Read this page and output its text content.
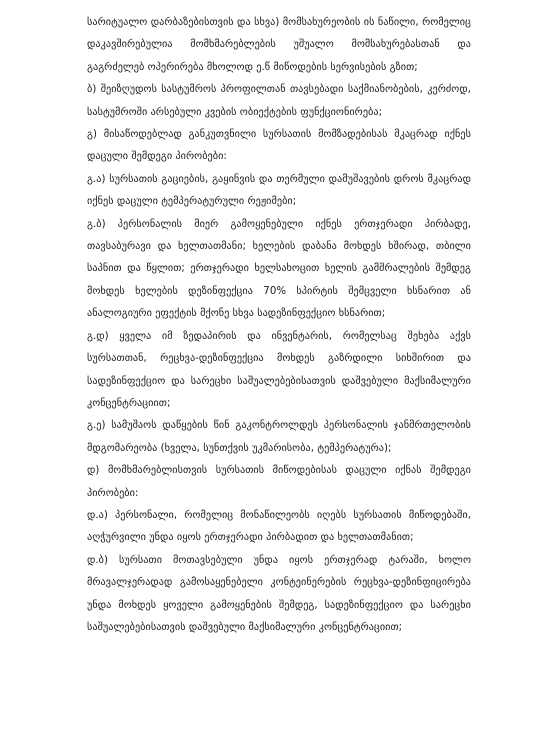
სარიტუალო დარბაზებისთვის და სხვა) მომსახურეობის ის ნაწილი, რომელიც დაკავშირებულია მომხმარებლების უშუალო მომსახურებასთან და გაგრძელებ ოპერირება მხოლოდ ე.წ მიწოდების სერვისების გზით;

ბ) შეიზღუდოს სასტუმროს პროფილთან თავსებადი საქმიანობების, კერძოდ, სასტუმროში არსებული კვების ობიექტების ფუნქციონირება;

გ) მისაწოდებლად განკუთვნილი სურსათის მომზადებისას მკაცრად იქნეს დაცული შემდეგი პირობები:

გ.ა) სურსათის გაციების, გაყინვის და თერმული დამუშავების დროს მკაცრად იქნეს დაცული ტემპერატურული რეჟიმები;

გ.ბ) პერსონალის მიერ გამოყენებული იქნეს ერთჯერადი პირბადე, თავსაბურავი და ხელთათმანი; ხელების დაბანა მოხდეს ხშირად, თბილი საპნით და წყლით; ერთჯერადი ხელსახოცით ხელის გამშრალების შემდეგ მოხდეს ხელების დეზინფექცია 70% სპირტის შემცველი ხსნარით ან ანალოგიური ეფექტის მქონე სხვა სადეზინფექციო ხსნარით;

გ.დ) ყველა იმ ზედაპირის და ინვენტარის, რომელსაც შეხება აქვს სურსათთან, რეცხვა-დეზინფექცია მოხდეს გაზრდილი სიხშირით და სადეზინფექციო და სარეცხი საშუალებებისათვის დაშვებული მაქსიმალური კონცენტრაციით;

გ.ე) სამუშაოს დაწყების წინ გაკონტროლდეს პერსონალის ჯანმრთელობის მდგომარეობა (ხველა, სუნთქვის უკმარისობა, ტემპერატურა);

დ) მომხმარებლისთვის სურსათის მიწოდებისას დაცული იქნას შემდეგი პირობები:

დ.ა) პერსონალი, რომელიც მონაწილეობს იღებს სურსათის მიწოდებაში, აღჭურვილი უნდა იყოს ერთჯერადი პირბადით და ხელთათმანით;

დ.ბ) სურსათი მოთავსებული უნდა იყოს ერთჯერად ტარაში, ხოლო მრავალჯერადად გამოსაყენებელი კონტეინერების რეცხვა-დეზინფიცირება უნდა მოხდეს ყოველი გამოყენების შემდეგ, სადეზინფექციო და სარეცხი საშუალებებისათვის დაშვებული მაქსიმალური კონცენტრაციით;
